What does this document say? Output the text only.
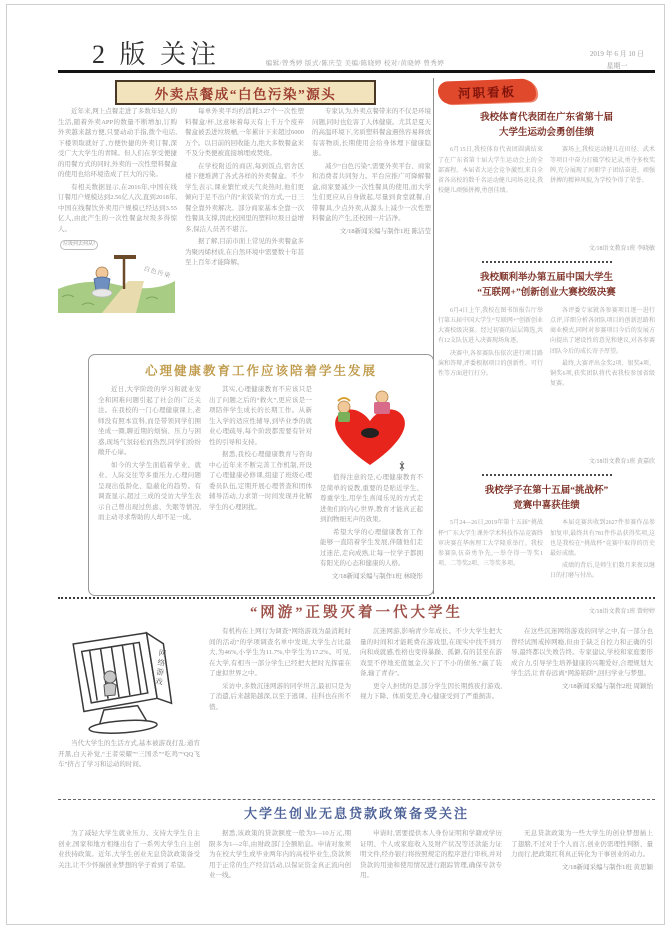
2 版 关注	编辑/曾秀婷 版式/陈庆莹 美编/陈晓婷 校对/黄晓婷 曾秀婷
2019 年 6 月 10 日
星期一
外卖点餐成“白色污染”源头

近年来,网上点餐走进了多数年轻人的生活,随着外卖APP的数量不断增加,订购外卖越来越方便,只要动动手指,拨个电话,下楼领取就好了,方便快捷的外卖订餐,深受广大大学生的青睐。但人们在享受便捷的用餐方式的同时,外卖的一次性塑料餐盒的使用也给环境造成了巨大的污染。

有相关数据显示,在2016年,中国在线订餐用户规模达到2.56亿人次,直到2018年,中国在线餐饮外卖用户规模已经达到3.55亿人,由此产生的一次性餐盒垃圾多得惊人。

垃圾何去何从?
白色污染

每单外卖平均约消耗3.27个一次性塑料餐盒/杯,这意味着每天有上千万个废弃餐盒被丢进垃圾桶,一年累计下来超过6000万个。以目前的回收能力,绝大多数餐盒来不及分类便被直接填埋或焚烧。

在学校附近的商店,每到饭点,宿舍区楼下便堆满了各式各样的外卖餐盒。不少学生表示,课业繁忙或天气炎热时,他们更倾向于足不出户的“来饭菜”的方式,一日三餐全靠外卖解决。部分商家基本全靠一次性餐具支撑,因此校园里的塑料垃圾日益增多,保洁人员苦不堪言。

据了解,目前市面上常见的外卖餐盒多为聚丙烯材质,在自然环境中需要数十年甚至上百年才能降解。

专家认为,外卖点餐带来的不仅是环境问题,同时也危害了人体健康。尤其是夏天的高温环境下,劣质塑料餐盒遇热容易释放有害物质,长期使用会给身体埋下健康隐患。

减少“白色污染”,需要外卖平台、商家和消费者共同努力。平台应推广可降解餐盒,商家要减少一次性餐具的使用,而大学生们更应从自身做起,尽量到食堂就餐,自带餐具,少点外卖,从源头上减少一次性塑料餐盒的产生,还校园一片洁净。

文/18新闻采编与制作1班 陈洁莹

心理健康教育工作应该陪着学生发展

近日,大学阶段的学习和就业安全和困难问题引起了社会的广泛关注。在我校的一门心理健康课上,老师没有照本宣科,而是带领同学们围坐成一圈,聊近期的烦恼、压力与困惑,现场气氛轻松而热烈,同学们纷纷敞开心扉。

如今的大学生面临着学业、就业、人际交往等多重压力,心理问题呈现出低龄化、隐蔽化的趋势。有调查显示,超过三成的受访大学生表示自己曾出现过焦虑、失眠等情况,而主动寻求帮助的人却不足一成。

其实,心理健康教育不应该只是出了问题之后的“救火”,更应该是一项陪伴学生成长的长期工作。从新生入学的适应性辅导,到毕业季的就业心理疏导,每个阶段都需要有针对性的引导和支持。

据悉,我校心理健康教育与咨询中心近年来不断完善工作机制,开设了心理健康必修课,组建了班级心理委员队伍,定期开展心理普查和团体辅导活动,力求第一时间发现并化解学生的心理困扰。

值得注意的是,心理健康教育不是简单的说教,重要的是贴近学生、尊重学生,用学生喜闻乐见的方式走进他们的内心世界,教育才能真正起到润物细无声的效果。

希望大学的心理健康教育工作能够一直陪着学生发展,伴随他们走过迷茫,走向成熟,让每一位学子都拥有阳光的心态和健康的人格。

文/18新闻采编与制作1班 林晓彤

河职看板
我校体育代表团在广东省第十届
大学生运动会勇创佳绩

6月15日,我校体育代表团圆满结束了在广东省第十届大学生运动会上的全部赛程。本届省大运会竞争激烈,来自全省各高校的数千名运动健儿同场竞技,我校健儿顽强拼搏,勇创佳绩。

赛场上,我校运动健儿在田径、武术等项目中奋力打破学校记录,勇夺多枚奖牌,充分展现了河职学子团结奋进、顽强拼搏的精神风貌,为学校争得了荣誉。

文/18语文教育1班 李晓敏
我校顺利举办第五届中国大学生
“互联网+”创新创业大赛校级决赛

6月4日上午,我校在图书馆报告厅举行第五届中国大学生“互联网+”创新创业大赛校级决赛。经过初赛的层层筛选,共有12支队伍进入决赛现场角逐。

决赛中,各参赛队伍依次进行项目路演和答辩,评委根据项目的创新性、可行性等方面进行打分。

各评委专家就各参赛项目逐一进行点评,详细分析各团队项目的创新思路和商业模式,同时对参赛项目今后的发展方向提出了建设性的意见和建议,对各参赛团队今后的成长寄予厚望。

最终,大赛评出金奖2项、银奖4项、铜奖6项,获奖团队将代表我校参加省级复赛。

文/18语文教育1班 黄嘉欣
我校学子在第十五届“挑战杯”
竞赛中喜获佳绩

5月24—26日,2019年第十五届“挑战杯”广东大学生课外学术科技作品竞赛终审决赛在华南理工大学隆重举行。我校参赛队伍奋勇争先,一举夺得一等奖1项、二等奖2项、三等奖多项。

本届竞赛共收到2627件参赛作品参加复审,最终共有781件作品获得奖项,这也是我校在“挑战杯”竞赛中取得的历史最好成绩。

成绩的背后,是师生们数月来夜以继日的打磨与付出。

文/18语文教育1班 曾婷婷
“网游”正毁灭着一代大学生
网络游戏

当代大学生的生活方式,基本被游戏打乱:通宵开黑,白天补觉,“王者荣耀”“三国杀”“吃鸡”“QQ飞车”挤占了学习和运动的时间。

有机构在上网行为调查“网络游戏为最消耗时间的活动”的学项调查名单中发现,大学生占比最大,为46%,小学生为11.7%,中学生为17.2%。可见,在大学,有相当一部分学生已经把大把时光挥霍在了虚拟世界之中。

采访中,多数沉迷网游的同学坦言,最初只是为了消遣,后来越陷越深,以至于逃课、挂科也在所不惜。

沉迷网游,影响青少年成长。不少大学生把大量的时间和才能耗费在游戏里,在现实中找不到方向和成就感,性格也变得暴躁、孤僻,有的甚至在游戏里不停地充值氪金,欠下了不小的债务,“赢了装备,输了青春”。

更令人担忧的是,部分学生因长期熬夜打游戏,视力下降、体质变差,身心健康受到了严重损害。

在这些沉迷网络游戏的同学之中,有一部分也曾经试图戒掉网瘾,但由于缺乏自控力和正确的引导,最终都以失败告终。专家建议,学校和家庭要形成合力,引导学生培养健康的兴趣爱好,合理规划大学生活,让青春远离“网游陷阱”,回归学业与梦想。

文/18新闻采编与制作2班 周颖怡

大学生创业无息贷款政策备受关注

为了减轻大学生就业压力、支持大学生自主创业,国家和地方相继出台了一系列大学生自主创业扶持政策。近年,大学生创业无息贷款政策备受关注,让不少怀揣创业梦想的学子看到了希望。

据悉,该政策的贷款额度一般为3—10万元,期限多为1—2年,由财政部门全额贴息。申请对象须为在校大学生或毕业两年内的高校毕业生,贷款须用于正常的生产经营活动,以保证资金真正流向创业一线。

申请时,需要提供本人身份证明和学籍或学历证明、个人或家庭收入及财产状况等还款能力证明文件,经办银行将按照规定的程序进行审核,并对贷款的用途和使用情况进行跟踪管理,确保专款专用。

无息贷款政策为一些大学生的创业梦想插上了翅膀,不过对于个人而言,创业仍需理性判断、量力而行,把政策红利真正转化为干事创业的动力。

文/18新闻采编与制作1班 黄思颖
